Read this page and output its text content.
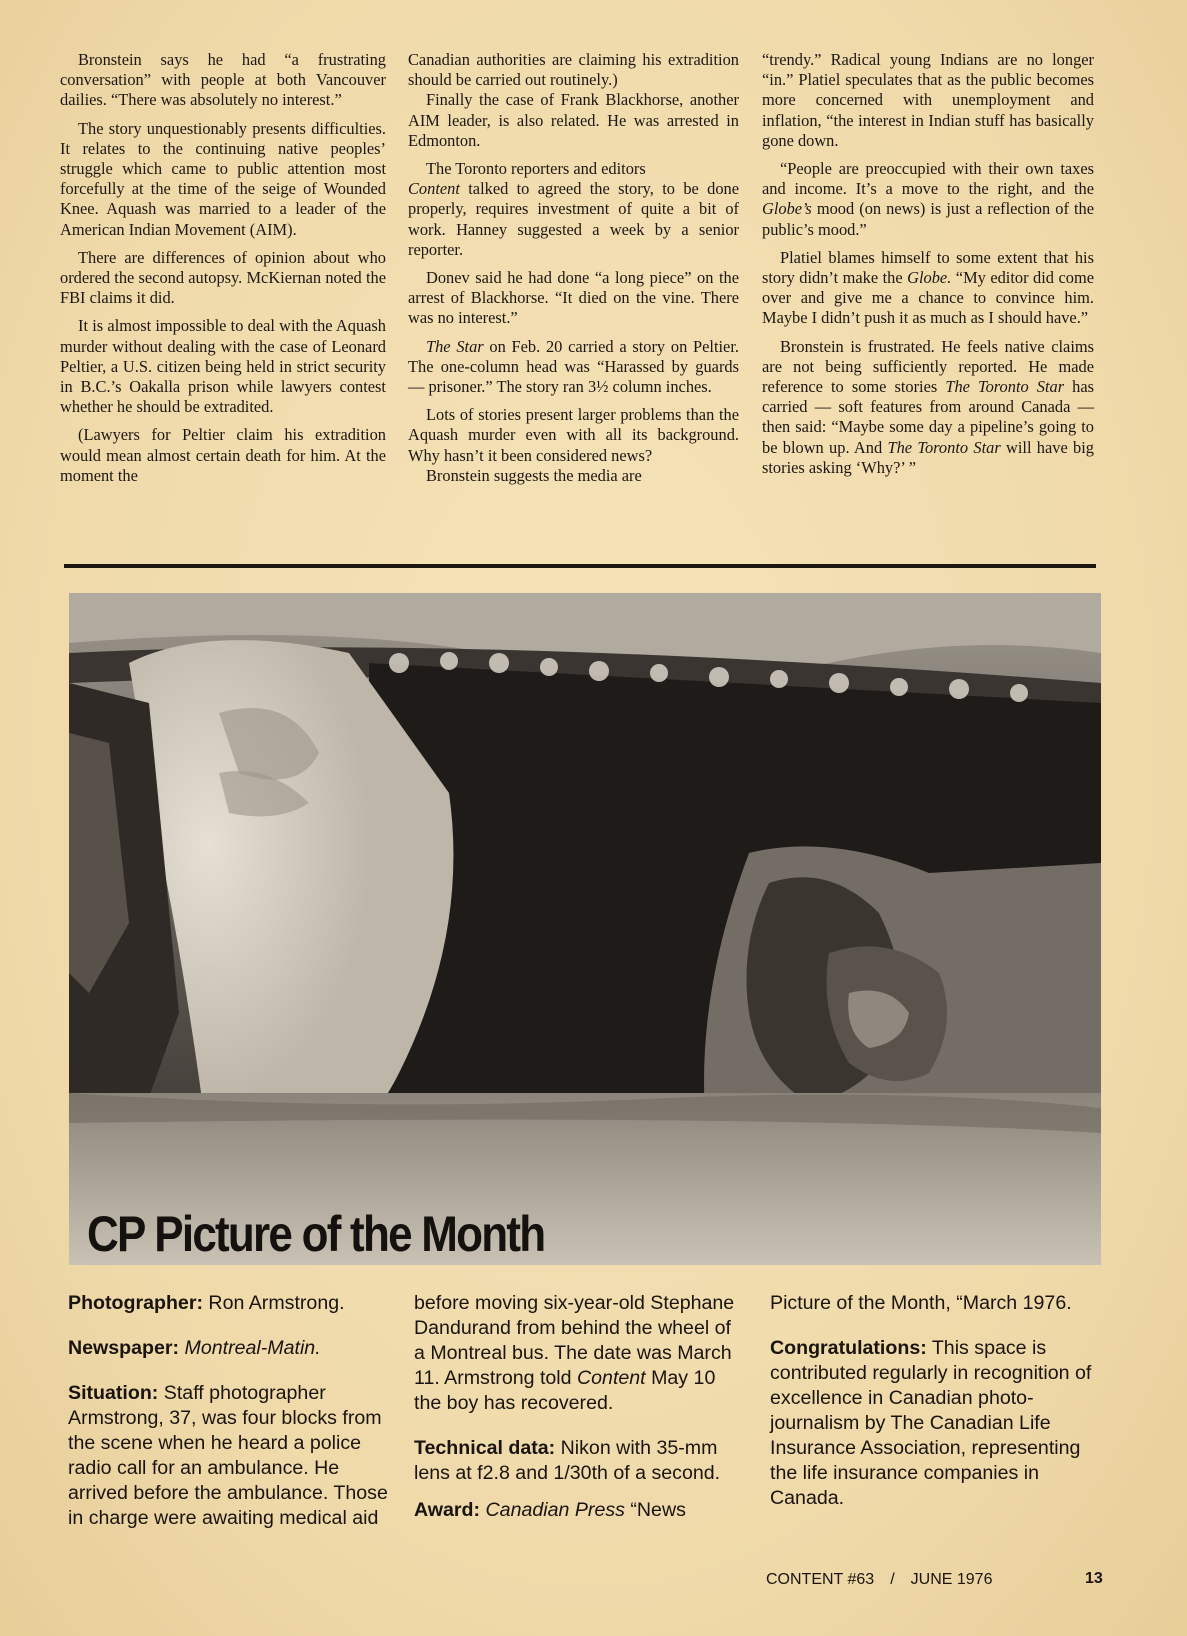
Bronstein says he had “a frustrating conversation” with people at both Vancouver dailies. “There was absolutely no interest.”

The story unquestionably presents difficulties. It relates to the continuing native peoples’ struggle which came to public attention most forcefully at the time of the seige of Wounded Knee. Aquash was married to a leader of the American Indian Movement (AIM).

There are differences of opinion about who ordered the second autopsy. McKiernan noted the FBI claims it did.

It is almost impossible to deal with the Aquash murder without dealing with the case of Leonard Peltier, a U.S. citizen being held in strict security in B.C.’s Oakalla prison while lawyers contest whether he should be extradited.

(Lawyers for Peltier claim his extradition would mean almost certain death for him. At the moment the

Canadian authorities are claiming his extradition should be carried out routinely.)

Finally the case of Frank Blackhorse, another AIM leader, is also related. He was arrested in Edmonton.

The Toronto reporters and editors
Content talked to agreed the story, to be done properly, requires investment of quite a bit of work. Hanney suggested a week by a senior reporter.

Donev said he had done “a long piece” on the arrest of Blackhorse. “It died on the vine. There was no interest.”

The Star on Feb. 20 carried a story on Peltier. The one-column head was “Harassed by guards — prisoner.” The story ran 3½ column inches.

Lots of stories present larger problems than the Aquash murder even with all its background. Why hasn’t it been considered news?

Bronstein suggests the media are

“trendy.” Radical young Indians are no longer “in.” Platiel speculates that as the public becomes more concerned with unemployment and inflation, “the interest in Indian stuff has basically gone down.

“People are preoccupied with their own taxes and income. It’s a move to the right, and the Globe’s mood (on news) is just a reflection of the public’s mood.”

Platiel blames himself to some extent that his story didn’t make the Globe. “My editor did come over and give me a chance to convince him. Maybe I didn’t push it as much as I should have.”

Bronstein is frustrated. He feels native claims are not being sufficiently reported. He made reference to some stories The Toronto Star has carried — soft features from around Canada — then said: “Maybe some day a pipeline’s going to be blown up. And The Toronto Star will have big stories asking ‘Why?’ ”

CP Picture of the Month

Photographer: Ron Armstrong.

Newspaper: Montreal-Matin.

Situation: Staff photographer Armstrong, 37, was four blocks from the scene when he heard a police radio call for an ambulance. He arrived before the ambulance. Those in charge were awaiting medical aid

before moving six-year-old Stephane Dandurand from behind the wheel of a Montreal bus. The date was March 11. Armstrong told Content May 10 the boy has recovered.

Technical data: Nikon with 35-mm lens at f2.8 and 1/30th of a second.

Award: Canadian Press “News

Picture of the Month, “March 1976.

Congratulations: This space is contributed regularly in recognition of excellence in Canadian photo-journalism by The Canadian Life Insurance Association, representing the life insurance companies in Canada.

CONTENT #63 / JUNE 1976	13
